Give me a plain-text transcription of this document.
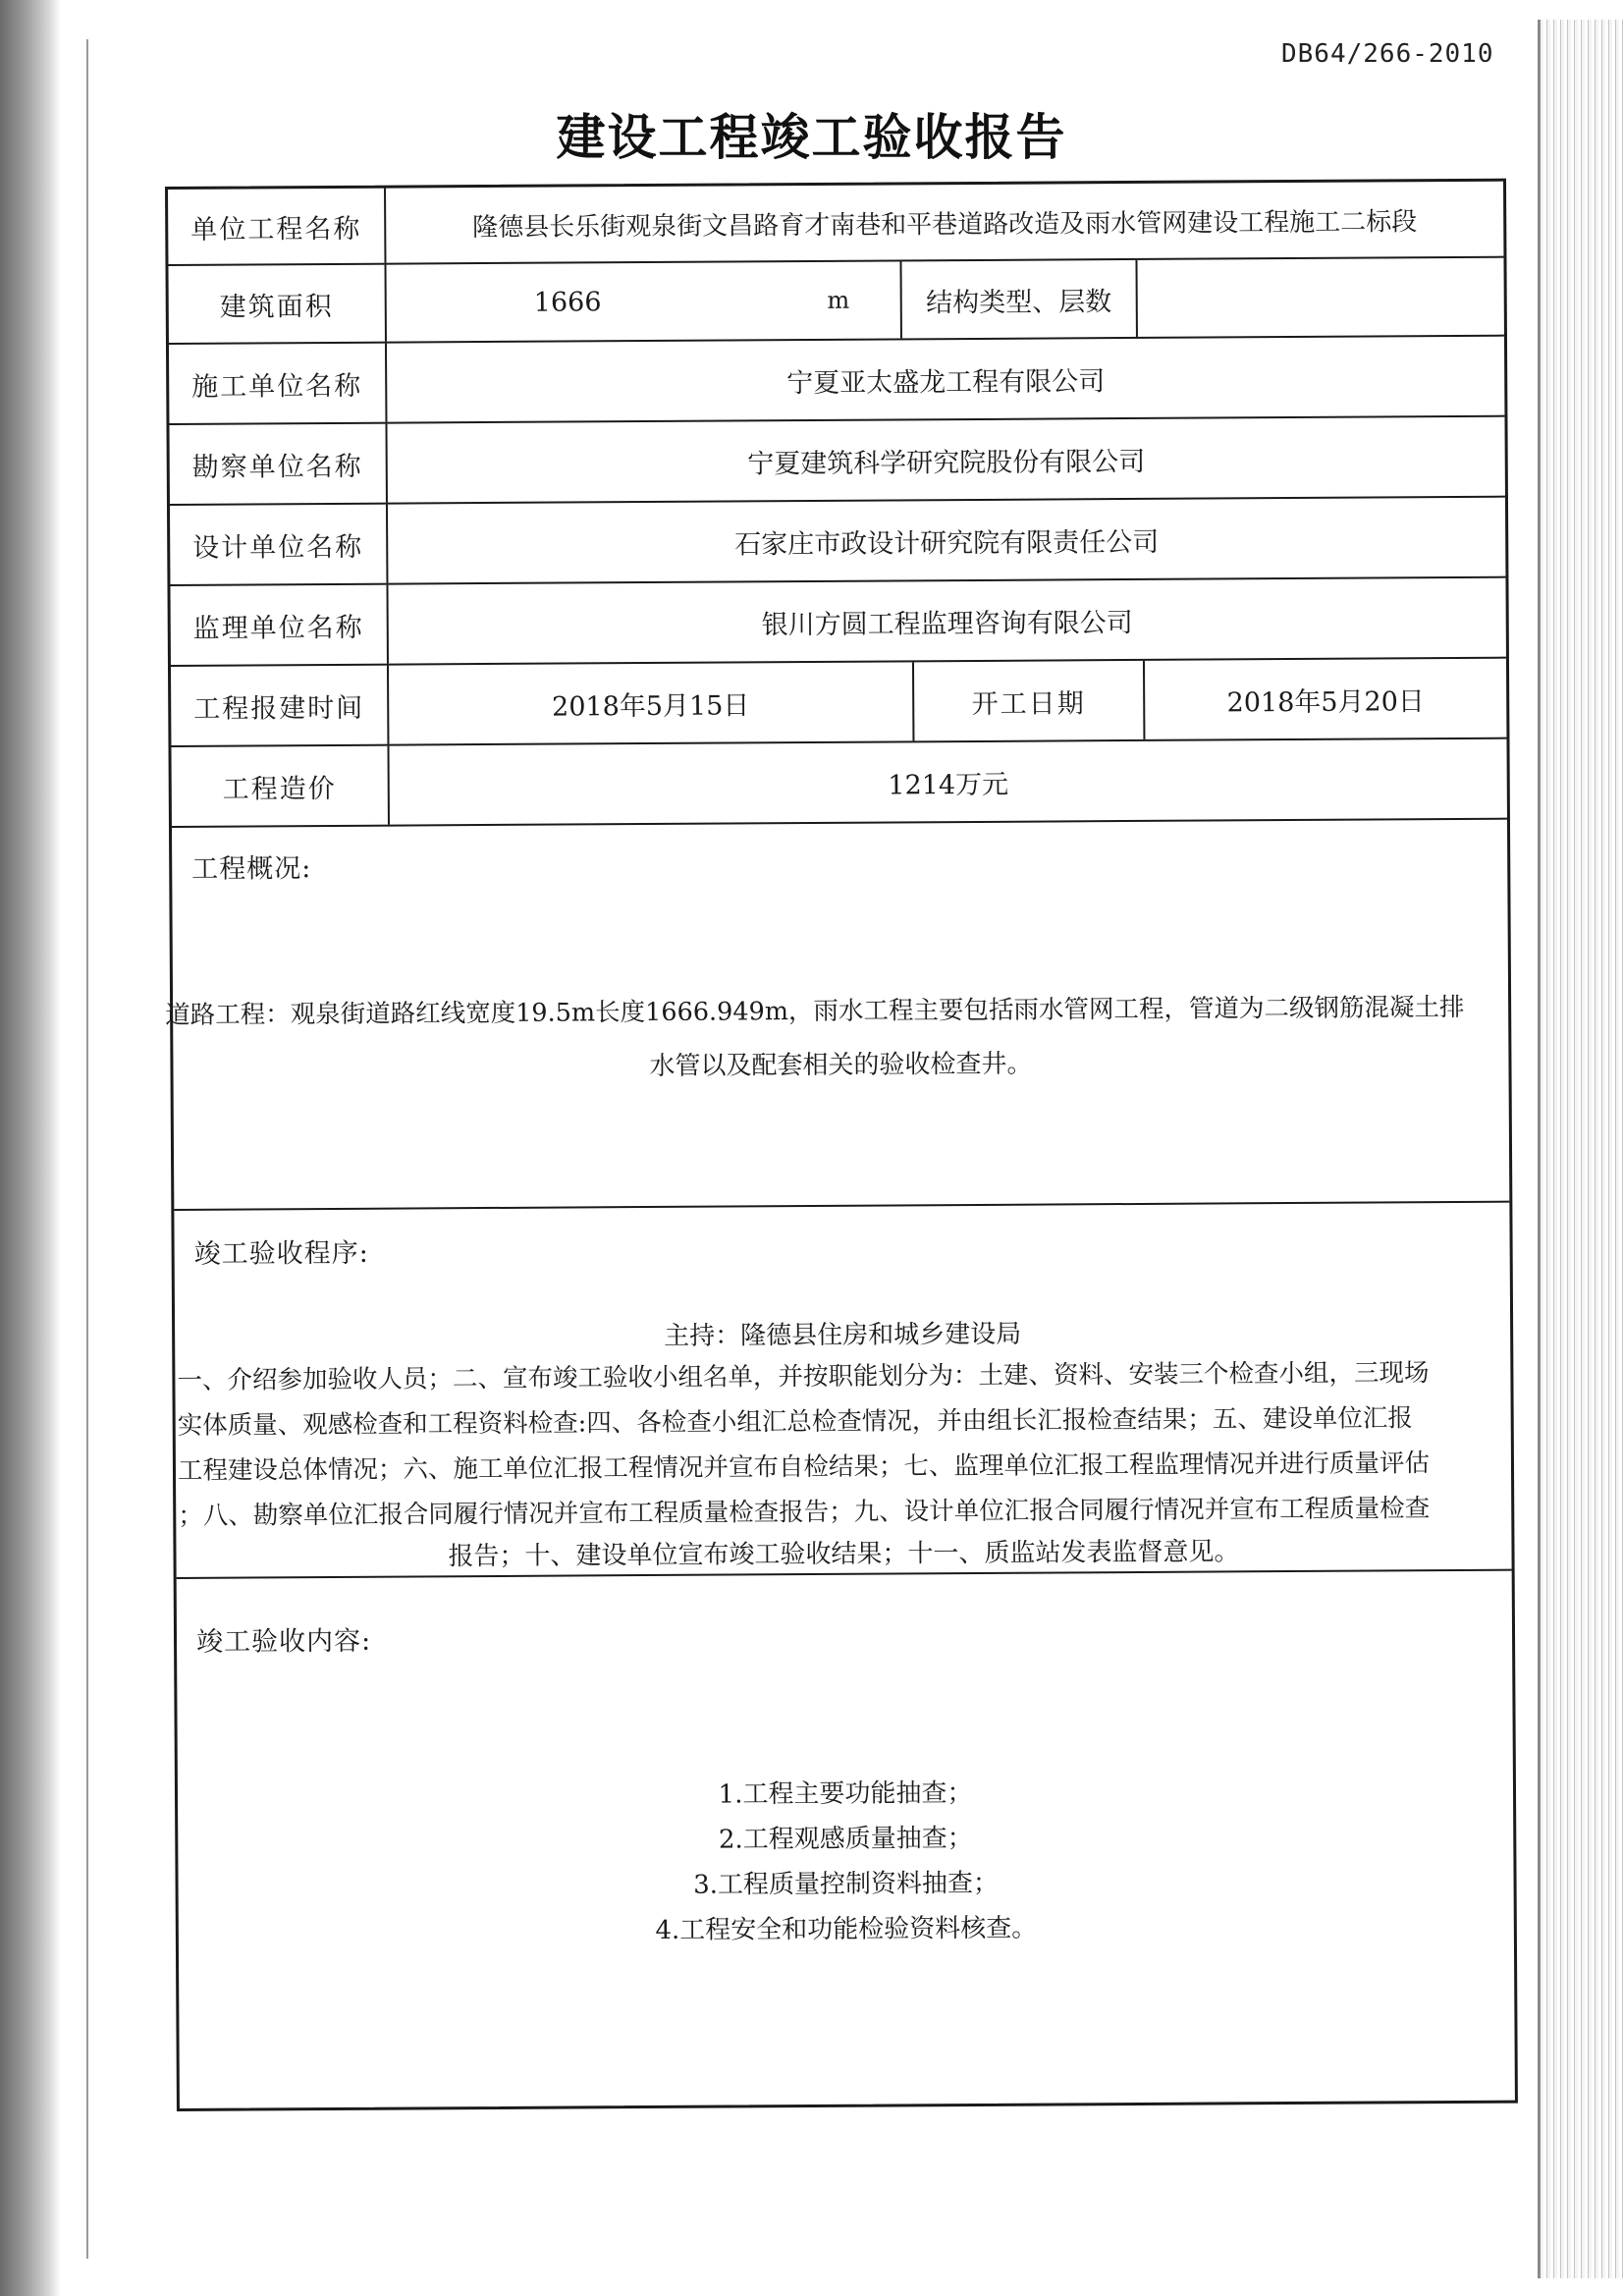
DB64/266-2010
建设工程竣工验收报告
单位工程名称	隆德县长乐街观泉街文昌路育才南巷和平巷道路改造及雨水管网建设工程施工二标段
建筑面积	1666	m	结构类型、层数
施工单位名称	宁夏亚太盛龙工程有限公司
勘察单位名称	宁夏建筑科学研究院股份有限公司
设计单位名称	石家庄市政设计研究院有限责任公司
监理单位名称	银川方圆工程监理咨询有限公司
工程报建时间	2018年5月15日	开工日期	2018年5月20日
工程造价	1214万元
工程概况:
道路工程：观泉街道路红线宽度19.5m长度1666.949m，雨水工程主要包括雨水管网工程，管道为二级钢筋混凝土排
水管以及配套相关的验收检查井。
竣工验收程序:
主持：隆德县住房和城乡建设局
一、介绍参加验收人员；二、宣布竣工验收小组名单，并按职能划分为：土建、资料、安装三个检查小组，三现场
实体质量、观感检查和工程资料检查:四、各检查小组汇总检查情况，并由组长汇报检查结果；五、建设单位汇报
工程建设总体情况；六、施工单位汇报工程情况并宣布自检结果；七、监理单位汇报工程监理情况并进行质量评估
；八、勘察单位汇报合同履行情况并宣布工程质量检查报告；九、设计单位汇报合同履行情况并宣布工程质量检查
报告；十、建设单位宣布竣工验收结果；十一、质监站发表监督意见。
竣工验收内容:
1.工程主要功能抽查；
2.工程观感质量抽查；
3.工程质量控制资料抽查；
4.工程安全和功能检验资料核查。
